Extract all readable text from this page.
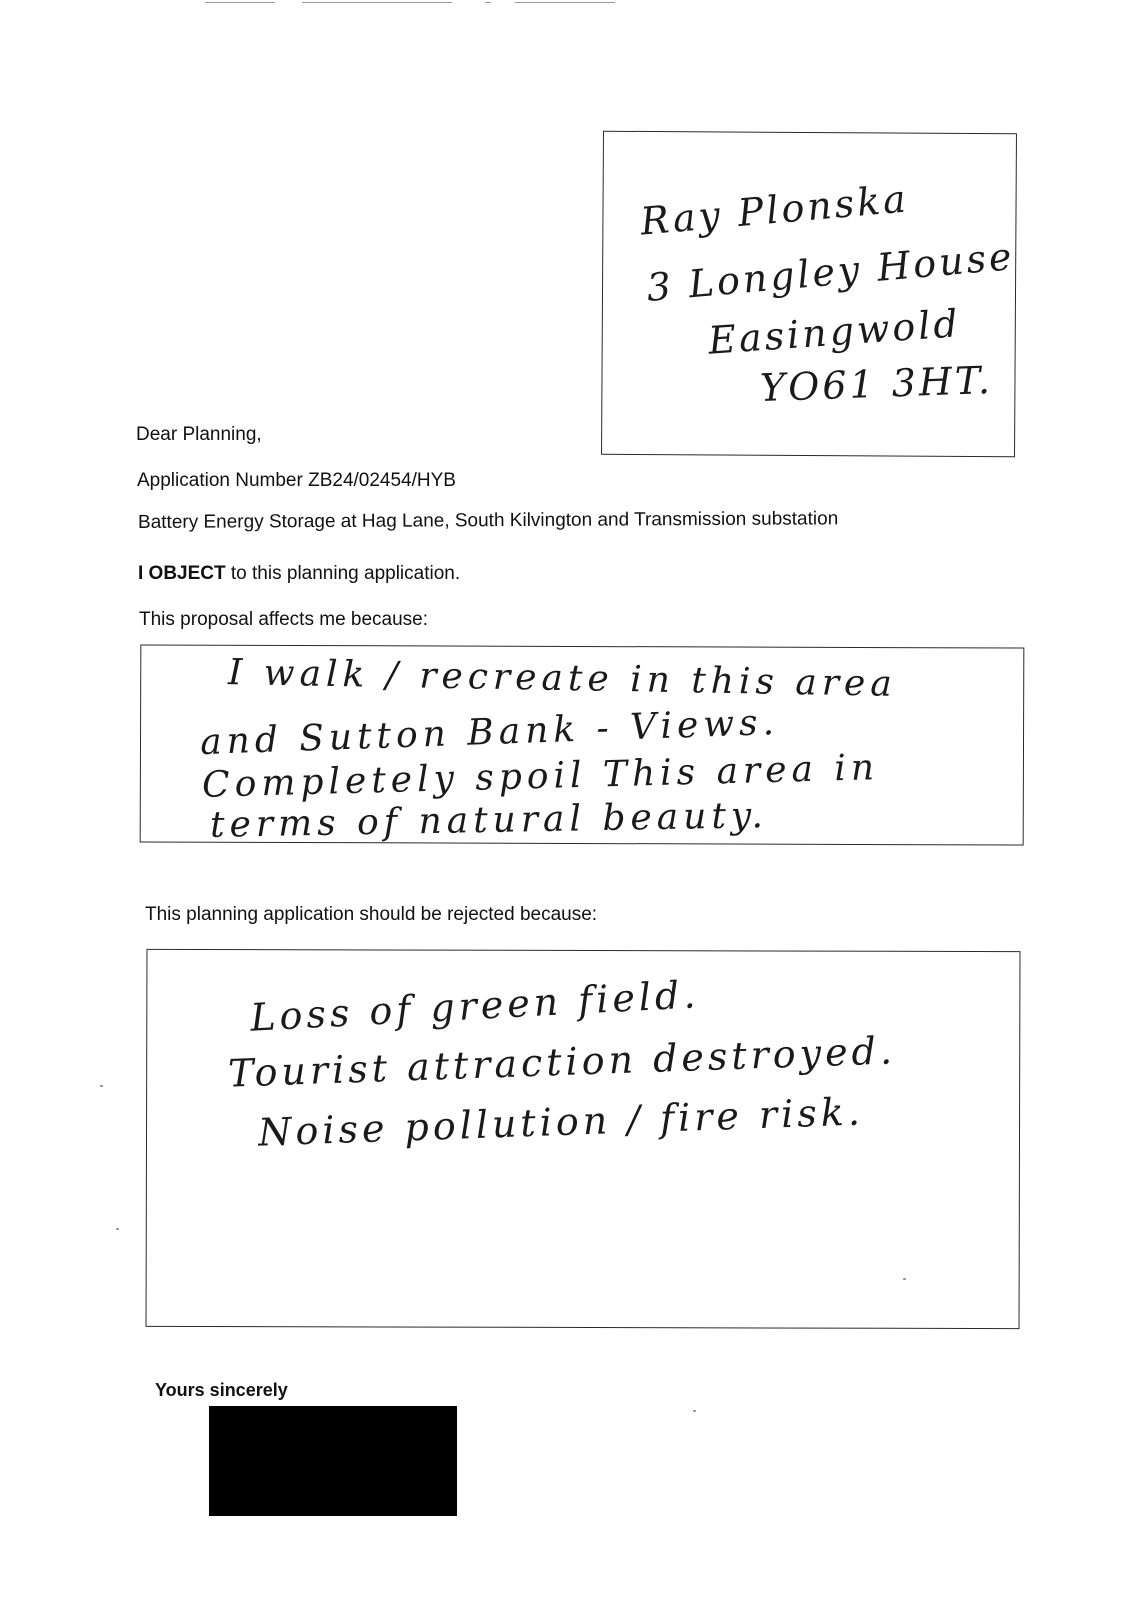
Ray Plonska
3 Longley House
Easingwold
YO61 3HT.
Dear Planning,
Application Number ZB24/02454/HYB
Battery Energy Storage at Hag Lane, South Kilvington and Transmission substation
I OBJECT to this planning application.
This proposal affects me because:
I walk / recreate in this area
and Sutton Bank - Views.
Completely spoil This area in
terms of natural beauty.
This planning application should be rejected because:
Loss of green field.
Tourist attraction destroyed.
Noise pollution / fire risk.
Yours sincerely
